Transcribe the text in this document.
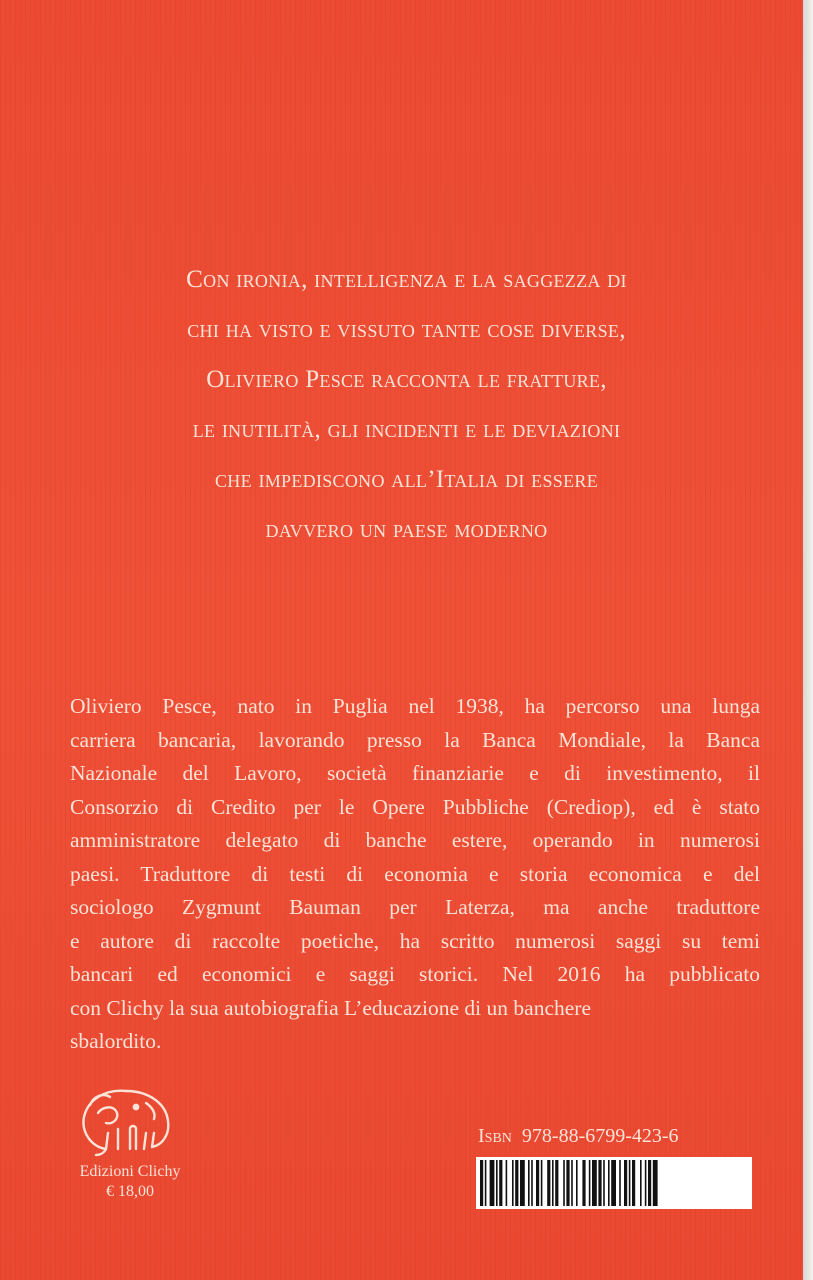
Con ironia, intelligenza e la saggezza di
chi ha visto e vissuto tante cose diverse,
Oliviero Pesce racconta le fratture,
le inutilità, gli incidenti e le deviazioni
che impediscono all’Italia di essere
davvero un paese moderno
Oliviero Pesce, nato in Puglia nel 1938, ha percorso una lunga
carriera bancaria, lavorando presso la Banca Mondiale, la Banca
Nazionale del Lavoro, società finanziarie e di investimento, il
Consorzio di Credito per le Opere Pubbliche (Crediop), ed è stato
amministratore delegato di banche estere, operando in numerosi
paesi. Traduttore di testi di economia e storia economica e del
sociologo Zygmunt Bauman per Laterza, ma anche traduttore
e autore di raccolte poetiche, ha scritto numerosi saggi su temi
bancari ed economici e saggi storici. Nel 2016 ha pubblicato
con Clichy la sua autobiografia L’educazione di un banchere
sbalordito.
Edizioni Clichy
€ 18,00
Isbn 978-88-6799-423-6
